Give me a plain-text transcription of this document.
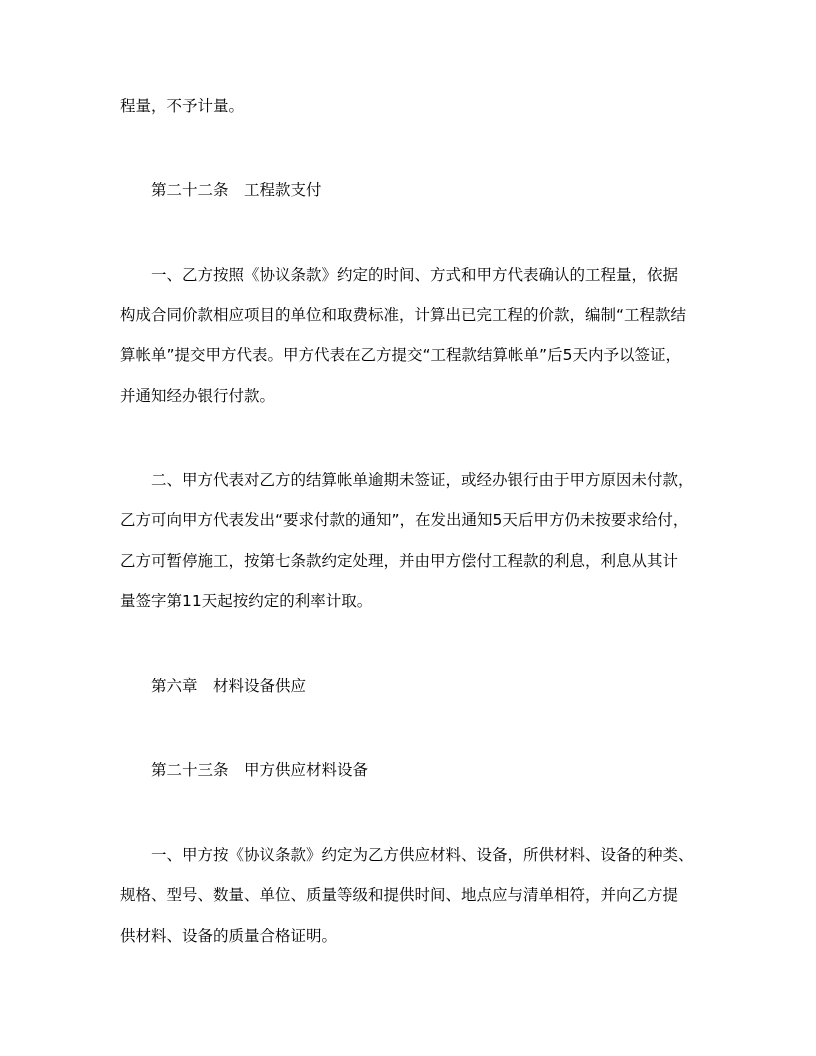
程量，不予计量。
第二十二条　工程款支付
一、乙方按照《协议条款》约定的时间、方式和甲方代表确认的工程量，依据
构成合同价款相应项目的单位和取费标准，计算出已完工程的价款，编制“工程款结
算帐单”提交甲方代表。甲方代表在乙方提交“工程款结算帐单”后5天内予以签证，
并通知经办银行付款。
二、甲方代表对乙方的结算帐单逾期未签证，或经办银行由于甲方原因未付款，
乙方可向甲方代表发出“要求付款的通知”，在发出通知5天后甲方仍未按要求给付，
乙方可暂停施工，按第七条款约定处理，并由甲方偿付工程款的利息，利息从其计
量签字第11天起按约定的利率计取。
第六章　材料设备供应
第二十三条　甲方供应材料设备
一、甲方按《协议条款》约定为乙方供应材料、设备，所供材料、设备的种类、
规格、型号、数量、单位、质量等级和提供时间、地点应与清单相符，并向乙方提
供材料、设备的质量合格证明。
